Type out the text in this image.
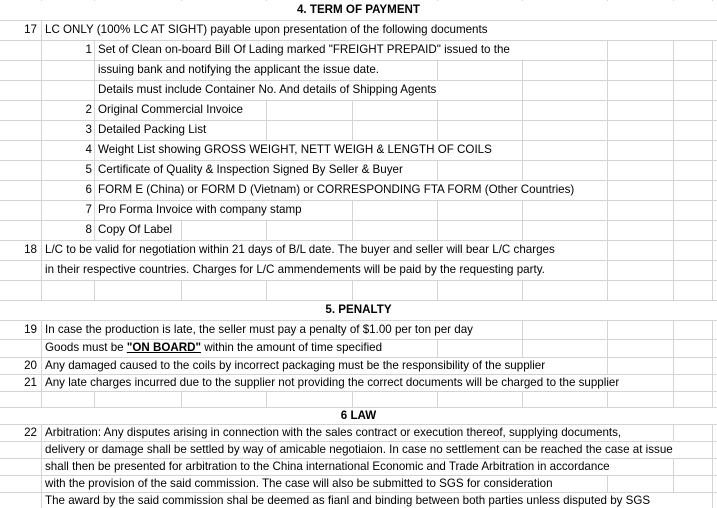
4. TERM OF PAYMENT
17 LC ONLY (100% LC AT SIGHT) payable upon presentation of the following documents
1 Set of Clean on-board Bill Of Lading marked "FREIGHT PREPAID" issued to the
issuing bank and notifying the applicant the issue date.
Details must include Container No. And details of Shipping Agents
2 Original Commercial Invoice
3 Detailed Packing List
4 Weight List showing GROSS WEIGHT, NETT WEIGH & LENGTH OF COILS
5 Certificate of Quality & Inspection Signed By Seller & Buyer
6 FORM E (China) or FORM D (Vietnam) or CORRESPONDING FTA FORM (Other Countries)
7 Pro Forma Invoice with company stamp
8 Copy Of Label
18 L/C to be valid for negotiation within 21 days of B/L date. The buyer and seller will bear L/C charges
in their respective countries. Charges for L/C ammendements will be paid by the requesting party.
5. PENALTY
19 In case the production is late, the seller must pay a penalty of $1.00 per ton per day
Goods must be "ON BOARD" within the amount of time specified
20 Any damaged caused to the coils by incorrect packaging must be the responsibility of the supplier
21 Any late charges incurred due to the supplier not providing the correct documents will be charged to the supplier
6 LAW
22 Arbitration: Any disputes arising in connection with the sales contract or execution thereof, supplying documents,
delivery or damage shall be settled by way of amicable negotiaion. In case no settlement can be reached the case at issue
shall then be presented for arbitration to the China international Economic and Trade Arbitration in accordance
with the provision of the said commission. The case will also be submitted to SGS for consideration
The award by the said commission shal be deemed as fianl and binding between both parties unless disputed by SGS
